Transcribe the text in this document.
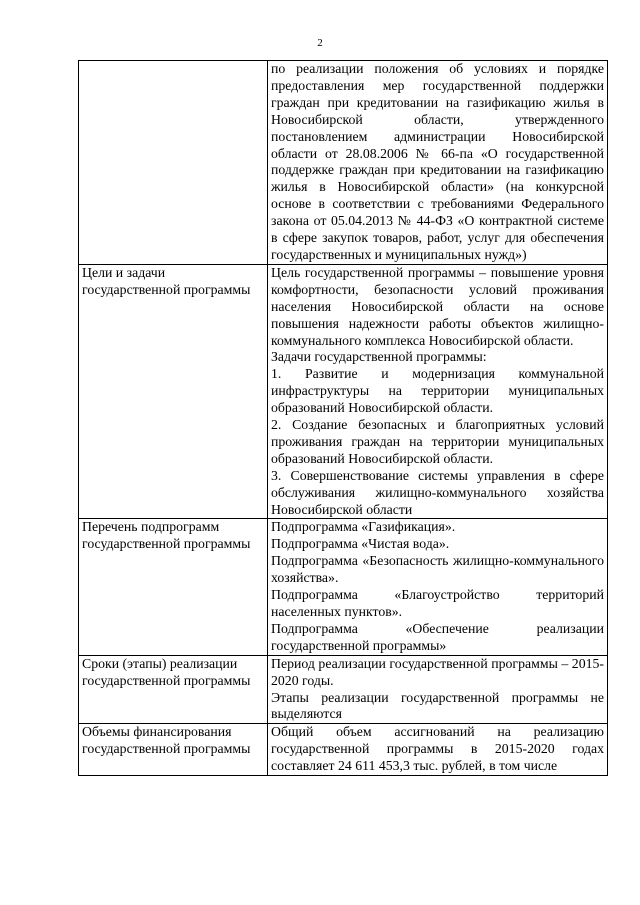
2

	по реализации положения об условиях и порядке предоставления мер государственной поддержки граждан при кредитовании на газификацию жилья в Новосибирской области, утвержденного постановлением администрации Новосибирской области от 28.08.2006 № 66-па «О государственной поддержке граждан при кредитовании на газификацию жилья в Новосибирской области» (на конкурсной основе в соответствии с требованиями Федерального закона от 05.04.2013 № 44-ФЗ «О контрактной системе в сфере закупок товаров, работ, услуг для обеспечения государственных и муниципальных нужд»)

Цели и задачи государственной программы	Цель государственной программы – повышение уровня комфортности, безопасности условий проживания населения Новосибирской области на основе повышения надежности работы объектов жилищно-коммунального комплекса Новосибирской области.

Задачи государственной программы:

1. Развитие и модернизация коммунальной инфраструктуры на территории муниципальных образований Новосибирской области.

2. Создание безопасных и благоприятных условий проживания граждан на территории муниципальных образований Новосибирской области.

3. Совершенствование системы управления в сфере обслуживания жилищно-коммунального хозяйства Новосибирской области

Перечень подпрограмм государственной программы	Подпрограмма «Газификация».

Подпрограмма «Чистая вода».

Подпрограмма «Безопасность жилищно-коммунального хозяйства».

Подпрограмма «Благоустройство территорий населенных пунктов».

Подпрограмма «Обеспечение реализации государственной программы»

Сроки (этапы) реализации государственной программы	Период реализации государственной программы – 2015-2020 годы.

Этапы реализации государственной программы не выделяются

Объемы финансирования государственной программы	Общий объем ассигнований на реализацию государственной программы в 2015-2020 годах составляет 24 611 453,3 тыс. рублей, в том числе
